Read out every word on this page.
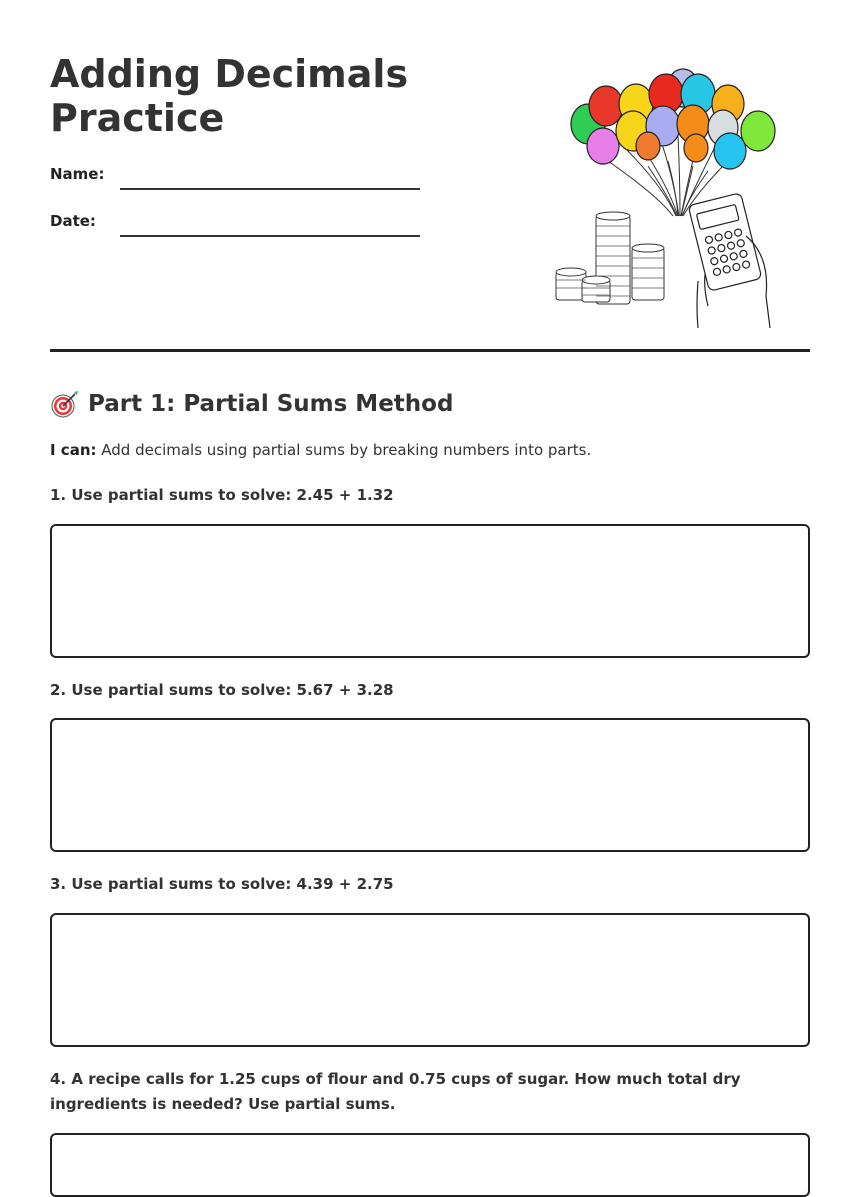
Adding Decimals Practice
Name:
Date:
Part 1: Partial Sums Method
I can: Add decimals using partial sums by breaking numbers into parts.
1. Use partial sums to solve: 2.45 + 1.32
2. Use partial sums to solve: 5.67 + 3.28
3. Use partial sums to solve: 4.39 + 2.75
4. A recipe calls for 1.25 cups of flour and 0.75 cups of sugar. How much total dry ingredients is needed? Use partial sums.
